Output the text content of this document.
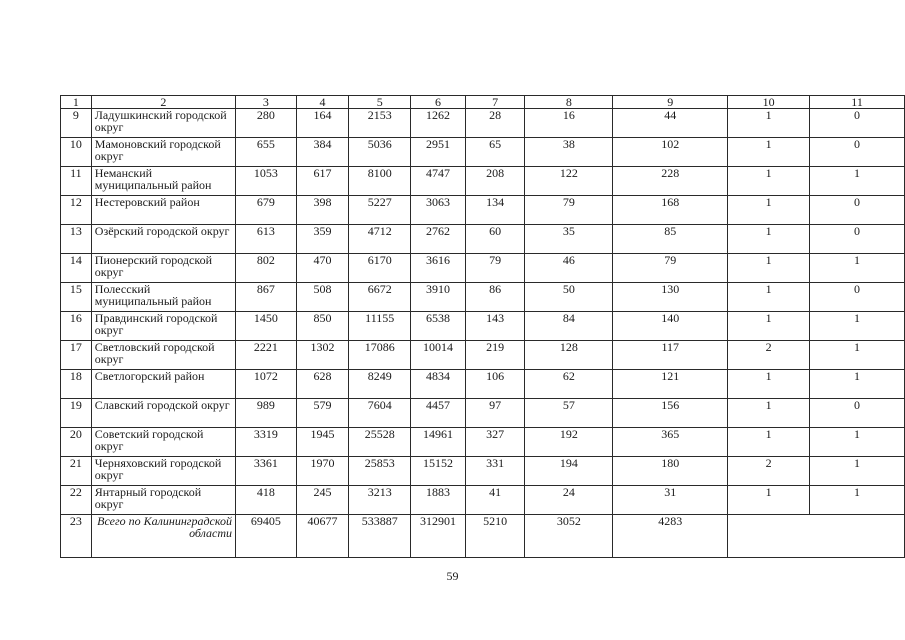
1	2	3	4	5	6	7	8	9	10	11
9	Ладушкинский городской округ	280	164	2153	1262	28	16	44	1	0
10	Мамоновский городской округ	655	384	5036	2951	65	38	102	1	0
11	Неманский муниципальный район	1053	617	8100	4747	208	122	228	1	1
12	Нестеровский район	679	398	5227	3063	134	79	168	1	0
13	Озёрский городской округ	613	359	4712	2762	60	35	85	1	0
14	Пионерский городской округ	802	470	6170	3616	79	46	79	1	1
15	Полесский муниципальный район	867	508	6672	3910	86	50	130	1	0
16	Правдинский городской округ	1450	850	11155	6538	143	84	140	1	1
17	Светловский городской округ	2221	1302	17086	10014	219	128	117	2	1
18	Светлогорский район	1072	628	8249	4834	106	62	121	1	1
19	Славский городской округ	989	579	7604	4457	97	57	156	1	0
20	Советский городской округ	3319	1945	25528	14961	327	192	365	1	1
21	Черняховский городской округ	3361	1970	25853	15152	331	194	180	2	1
22	Янтарный городской округ	418	245	3213	1883	41	24	31	1	1
23	Всего по Калининградской области	69405	40677	533887	312901	5210	3052	4283		
59
